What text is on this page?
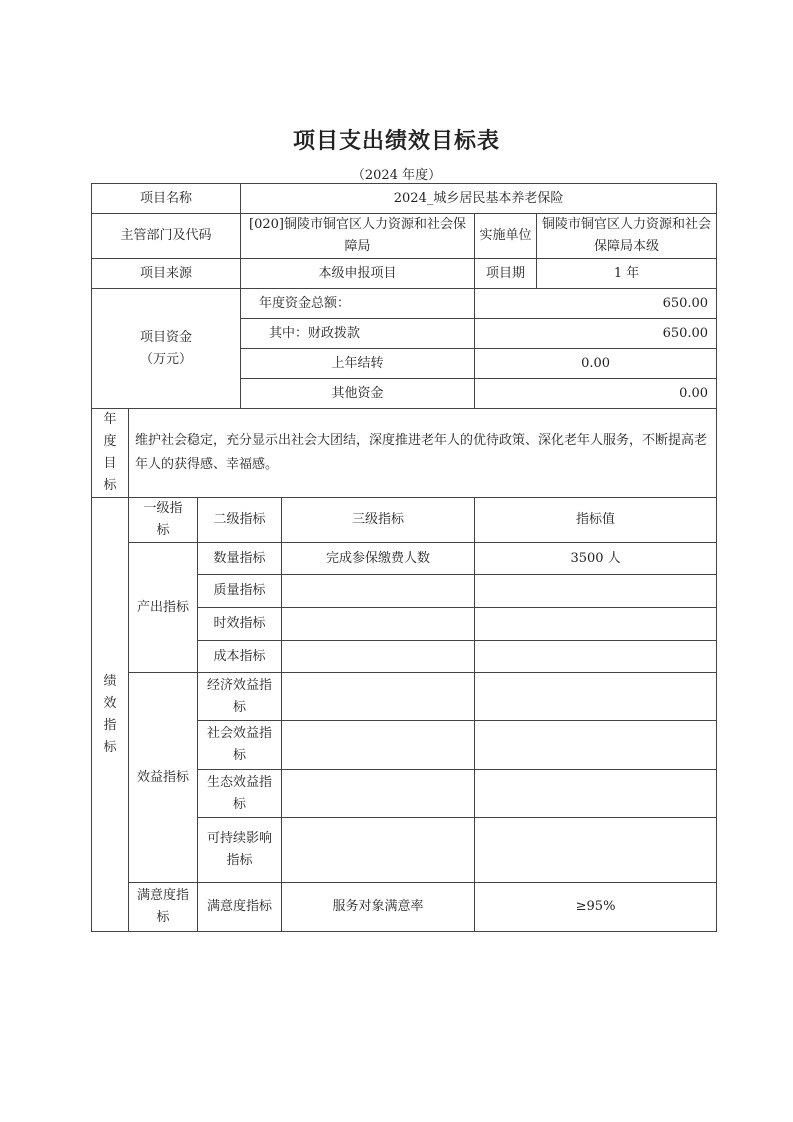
项目支出绩效目标表
（2024 年度）
项目名称			2024_城乡居民基本养老保险			
主管部门及代码			[020]铜陵市铜官区人力资源和社会保障局		实施单位	铜陵市铜官区人力资源和社会保障局本级
项目来源			本级申报项目		项目期	1 年

项目资金
（万元）			年度资金总额：		650.00	
			其中：财政拨款		650.00	
			上年结转		0.00	
			其他资金		0.00	
年度目标	维护社会稳定，充分显示出社会大团结，深度推进老年人的优待政策、深化老年人服务，不断提高老年人的获得感、幸福感。					
绩效指标	一级指标	二级指标		三级指标	指标值	
	产出指标	数量指标		完成参保缴费人数	3500 人	
		质量指标				
		时效指标				
		成本指标				
	效益指标	经济效益指标				
		社会效益指标				
		生态效益指标				
		可持续影响指标				
	满意度指标	满意度指标		服务对象满意率	≥95%	
